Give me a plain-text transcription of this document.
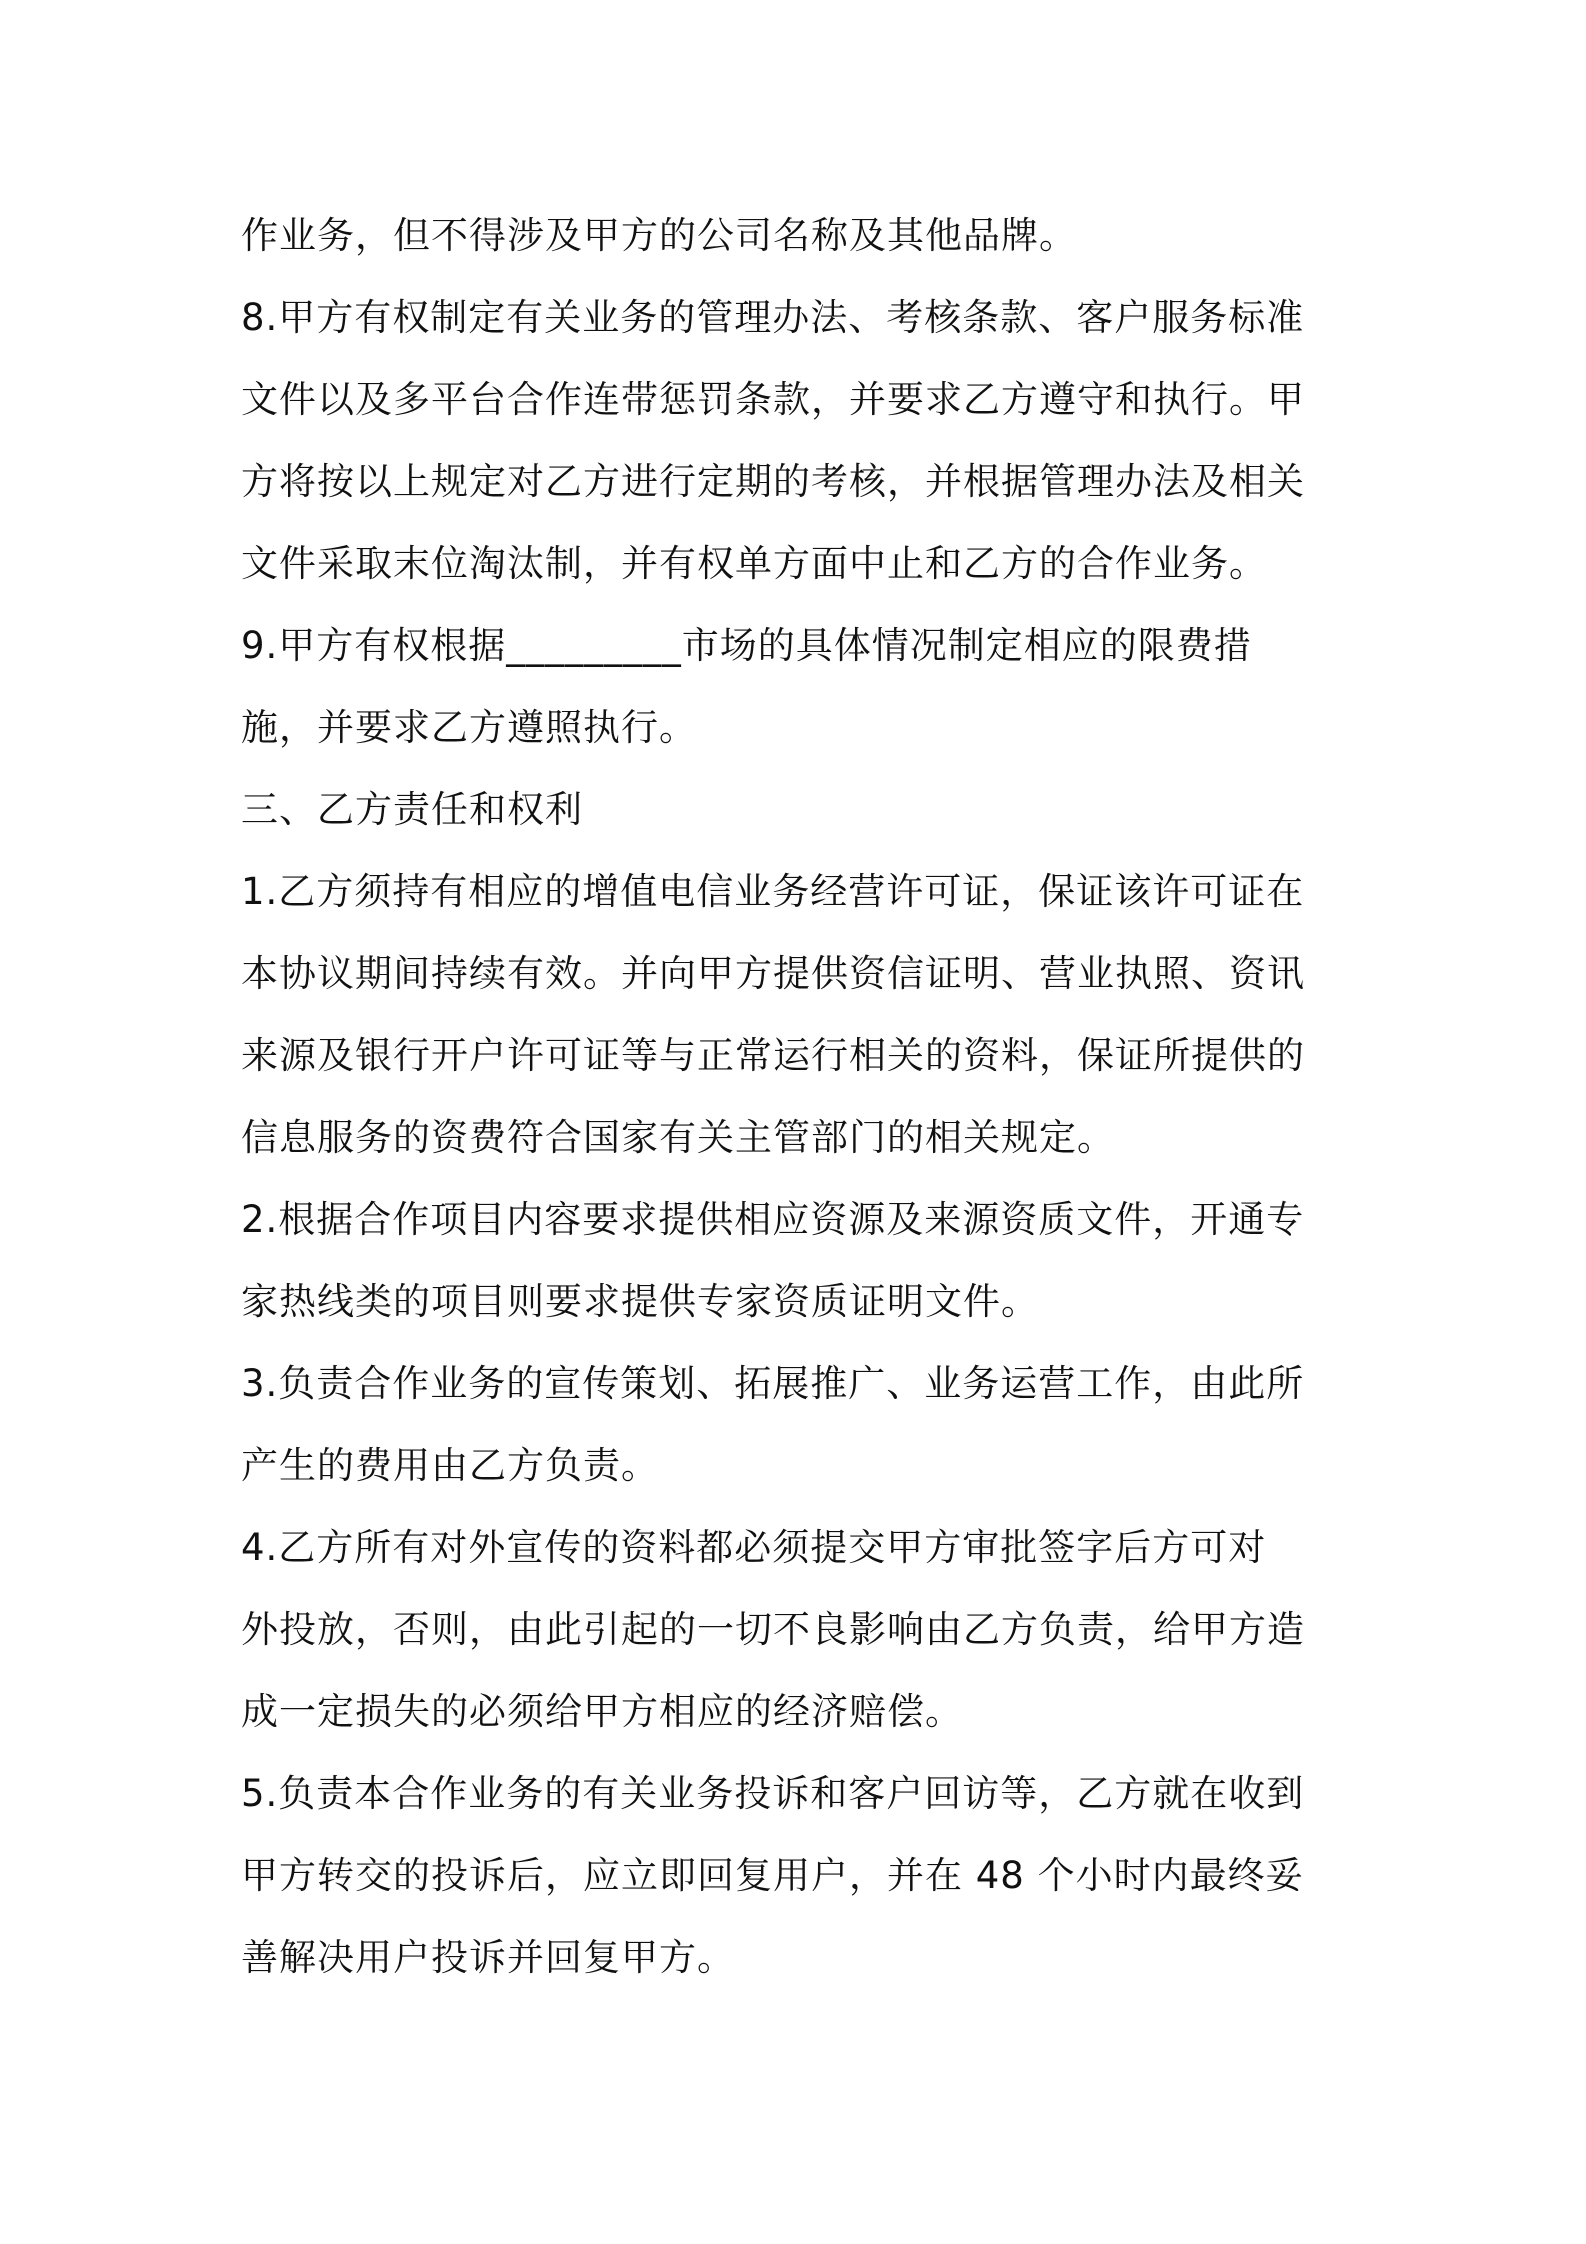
作业务，但不得涉及甲方的公司名称及其他品牌。
8.甲方有权制定有关业务的管理办法、考核条款、客户服务标准
文件以及多平台合作连带惩罚条款，并要求乙方遵守和执行。甲
方将按以上规定对乙方进行定期的考核，并根据管理办法及相关
文件采取末位淘汰制，并有权单方面中止和乙方的合作业务。
9.甲方有权根据_________市场的具体情况制定相应的限费措
施，并要求乙方遵照执行。
三、乙方责任和权利
1.乙方须持有相应的增值电信业务经营许可证，保证该许可证在
本协议期间持续有效。并向甲方提供资信证明、营业执照、资讯
来源及银行开户许可证等与正常运行相关的资料，保证所提供的
信息服务的资费符合国家有关主管部门的相关规定。
2.根据合作项目内容要求提供相应资源及来源资质文件，开通专
家热线类的项目则要求提供专家资质证明文件。
3.负责合作业务的宣传策划、拓展推广、业务运营工作，由此所
产生的费用由乙方负责。
4.乙方所有对外宣传的资料都必须提交甲方审批签字后方可对
外投放，否则，由此引起的一切不良影响由乙方负责，给甲方造
成一定损失的必须给甲方相应的经济赔偿。
5.负责本合作业务的有关业务投诉和客户回访等，乙方就在收到
甲方转交的投诉后，应立即回复用户，并在 48 个小时内最终妥
善解决用户投诉并回复甲方。
